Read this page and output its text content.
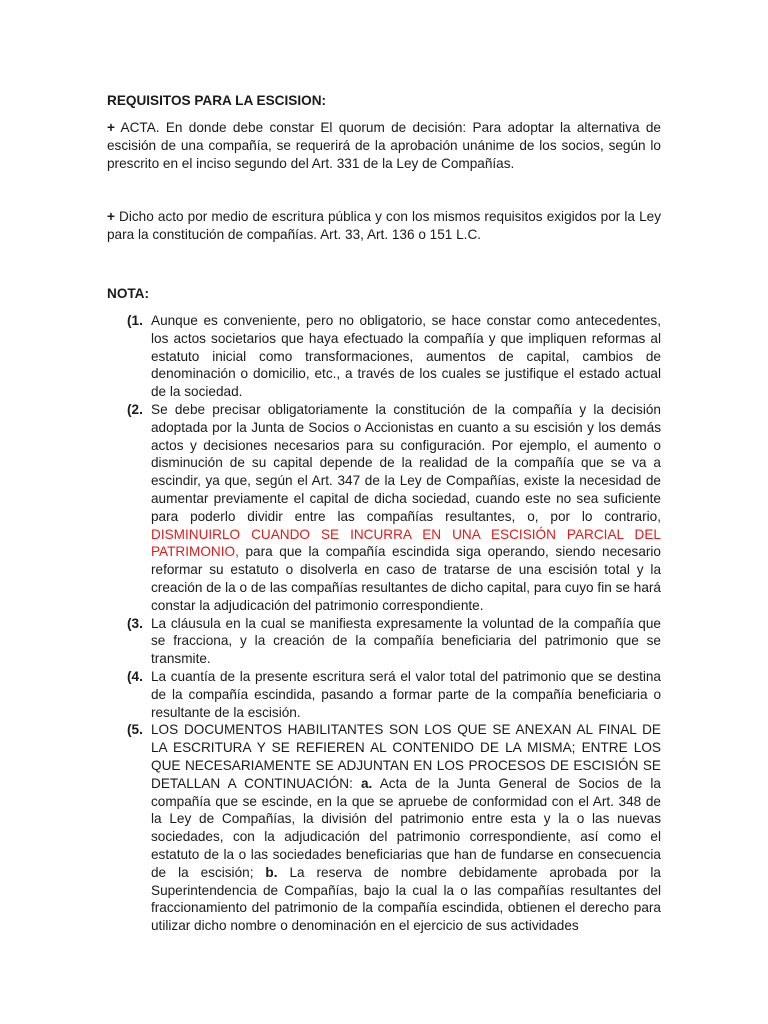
REQUISITOS PARA LA ESCISION:

+ ACTA. En donde debe constar El quorum de decisión: Para adoptar la alternativa de escisión de una compañía, se requerirá de la aprobación unánime de los socios, según lo prescrito en el inciso segundo del Art. 331 de la Ley de Compañías.

+ Dicho acto por medio de escritura pública y con los mismos requisitos exigidos por la Ley para la constitución de compañías. Art. 33, Art. 136 o 151 L.C.

NOTA:
(1. Aunque es conveniente, pero no obligatorio, se hace constar como antecedentes, los actos societarios que haya efectuado la compañía y que impliquen reformas al estatuto inicial como transformaciones, aumentos de capital, cambios de denominación o domicilio, etc., a través de los cuales se justifique el estado actual de la sociedad.
(2. Se debe precisar obligatoriamente la constitución de la compañía y la decisión adoptada por la Junta de Socios o Accionistas en cuanto a su escisión y los demás actos y decisiones necesarios para su configuración. Por ejemplo, el aumento o disminución de su capital depende de la realidad de la compañía que se va a escindir, ya que, según el Art. 347 de la Ley de Compañías, existe la necesidad de aumentar previamente el capital de dicha sociedad, cuando este no sea suficiente para poderlo dividir entre las compañías resultantes, o, por lo contrario, DISMINUIRLO CUANDO SE INCURRA EN UNA ESCISIÓN PARCIAL DEL PATRIMONIO, para que la compañía escindida siga operando, siendo necesario reformar su estatuto o disolverla en caso de tratarse de una escisión total y la creación de la o de las compañías resultantes de dicho capital, para cuyo fin se hará constar la adjudicación del patrimonio correspondiente.
(3. La cláusula en la cual se manifiesta expresamente la voluntad de la compañía que se fracciona, y la creación de la compañía beneficiaria del patrimonio que se transmite.
(4. La cuantía de la presente escritura será el valor total del patrimonio que se destina de la compañía escindida, pasando a formar parte de la compañía beneficiaria o resultante de la escisión.
(5. LOS DOCUMENTOS HABILITANTES SON LOS QUE SE ANEXAN AL FINAL DE LA ESCRITURA Y SE REFIEREN AL CONTENIDO DE LA MISMA; ENTRE LOS QUE NECESARIAMENTE SE ADJUNTAN EN LOS PROCESOS DE ESCISIÓN SE DETALLAN A CONTINUACIÓN: a. Acta de la Junta General de Socios de la compañía que se escinde, en la que se apruebe de conformidad con el Art. 348 de la Ley de Compañías, la división del patrimonio entre esta y la o las nuevas sociedades, con la adjudicación del patrimonio correspondiente, así como el estatuto de la o las sociedades beneficiarias que han de fundarse en consecuencia de la escisión; b. La reserva de nombre debidamente aprobada por la Superintendencia de Compañías, bajo la cual la o las compañías resultantes del fraccionamiento del patrimonio de la compañía escindida, obtienen el derecho para utilizar dicho nombre o denominación en el ejercicio de sus actividades
